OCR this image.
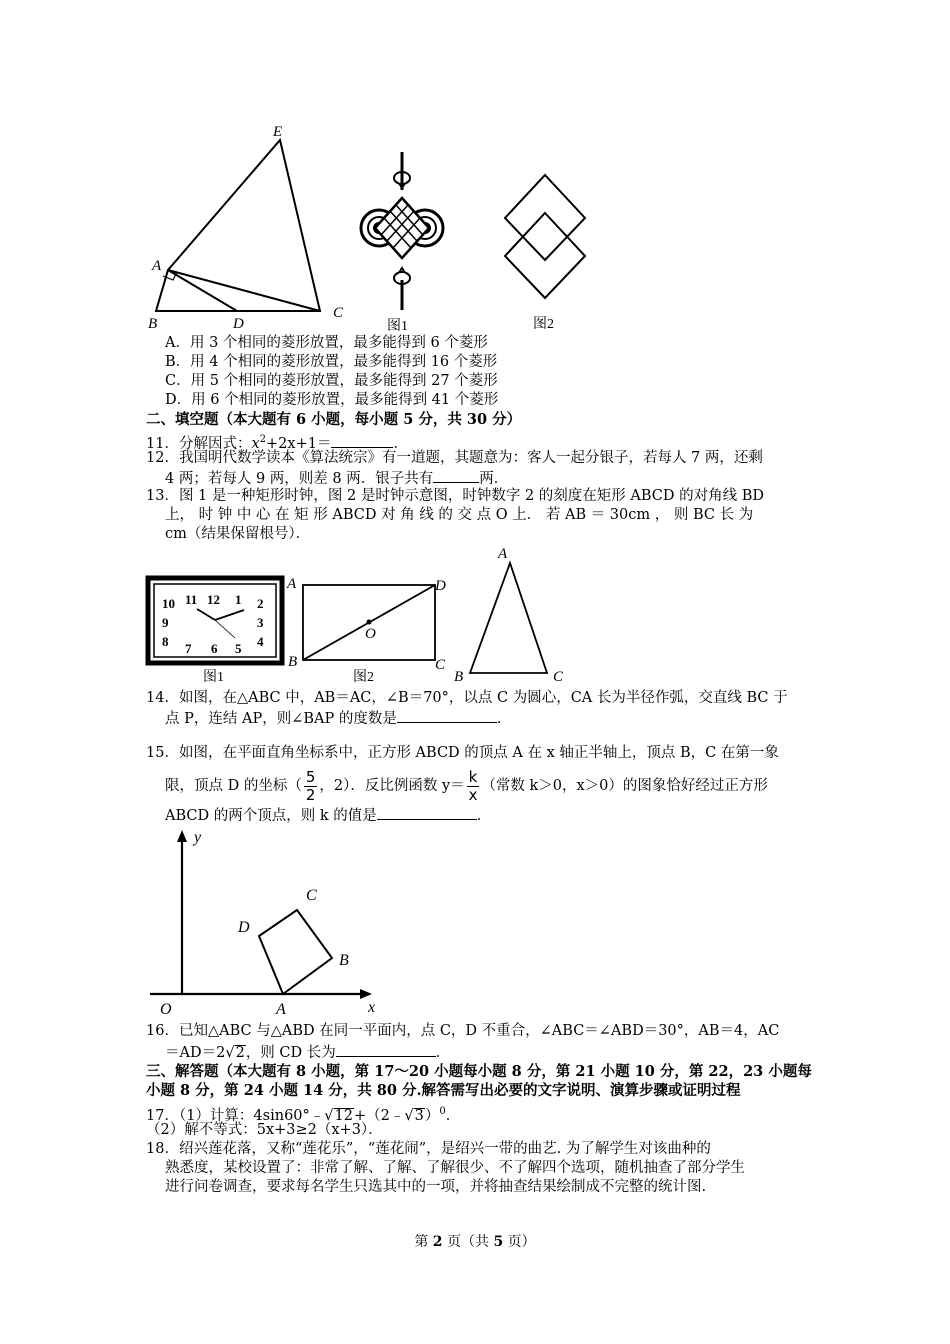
E
A
B	D
C
图1	图2
A．用 3 个相同的菱形放置，最多能得到 6 个菱形
B．用 4 个相同的菱形放置，最多能得到 16 个菱形
C．用 5 个相同的菱形放置，最多能得到 27 个菱形
D．用 6 个相同的菱形放置，最多能得到 41 个菱形
二、填空题（本大题有 6 小题，每小题 5 分，共 30 分）
11．分解因式：$x^2+2x+1=$	．
12．我国明代数学读本《算法统宗》有一道题，其题意为：客人一起分银子，若每人 7 两，还剩
4 两；若每人 9 两，则差 8 两．银子共有	两．
13．图 1 是一种矩形时钟，图 2 是时钟示意图，时钟数字 2 的刻度在矩形 ABCD 的对角线 BD
上， 时 钟 中 心 在 矩 形 ABCD 对 角 线 的 交 点 O 上． 若 AB ＝ 30cm ， 则 BC 长 为
cm（结果保留根号）．
11 12 1
10	2
9	3
8	4
7 6 5
图1
A	D
O
B	C
图2
A
B	C
14．如图，在△ABC 中，AB＝AC，∠B＝70°，以点 C 为圆心，CA 长为半径作弧，交直线 BC 于
点 P，连结 AP，则∠BAP 的度数是	．
15．如图，在平面直角坐标系中，正方形 ABCD 的顶点 A 在 x 轴正半轴上，顶点 B，C 在第一象
限，顶点 D 的坐标（ $\frac{5}{2}$ ，2）．反比例函数 $y= \frac{k}{x}$ （常数 k＞0，x＞0）的图象恰好经过正方形
ABCD 的两个顶点，则 k 的值是	．
y
O	A	x
B
C
D
16．已知△ABC 与△ABD 在同一平面内，点 C，D 不重合，∠ABC＝∠ABD＝30°，AB＝4，AC
＝AD＝2√2，则 CD 长为	．
三、解答题（本大题有 8 小题，第 17～20 小题每小题 8 分，第 21 小题 10 分，第 22，23 小题每
小题 8 分，第 24 小题 14 分，共 80 分.解答需写出必要的文字说明、演算步骤或证明过程
17．（1）计算：4sin60°﹣√12+（2﹣√3）$^0$．
（2）解不等式：5x+3≥2（x+3）．
18．绍兴莲花落，又称“莲花乐”，“莲花闹”，是绍兴一带的曲艺. 为了解学生对该曲种的
熟悉度，某校设置了：非常了解、了解、了解很少、不了解四个选项，随机抽查了部分学生
进行问卷调查，要求每名学生只选其中的一项，并将抽查结果绘制成不完整的统计图.
第 2 页（共 5 页）
